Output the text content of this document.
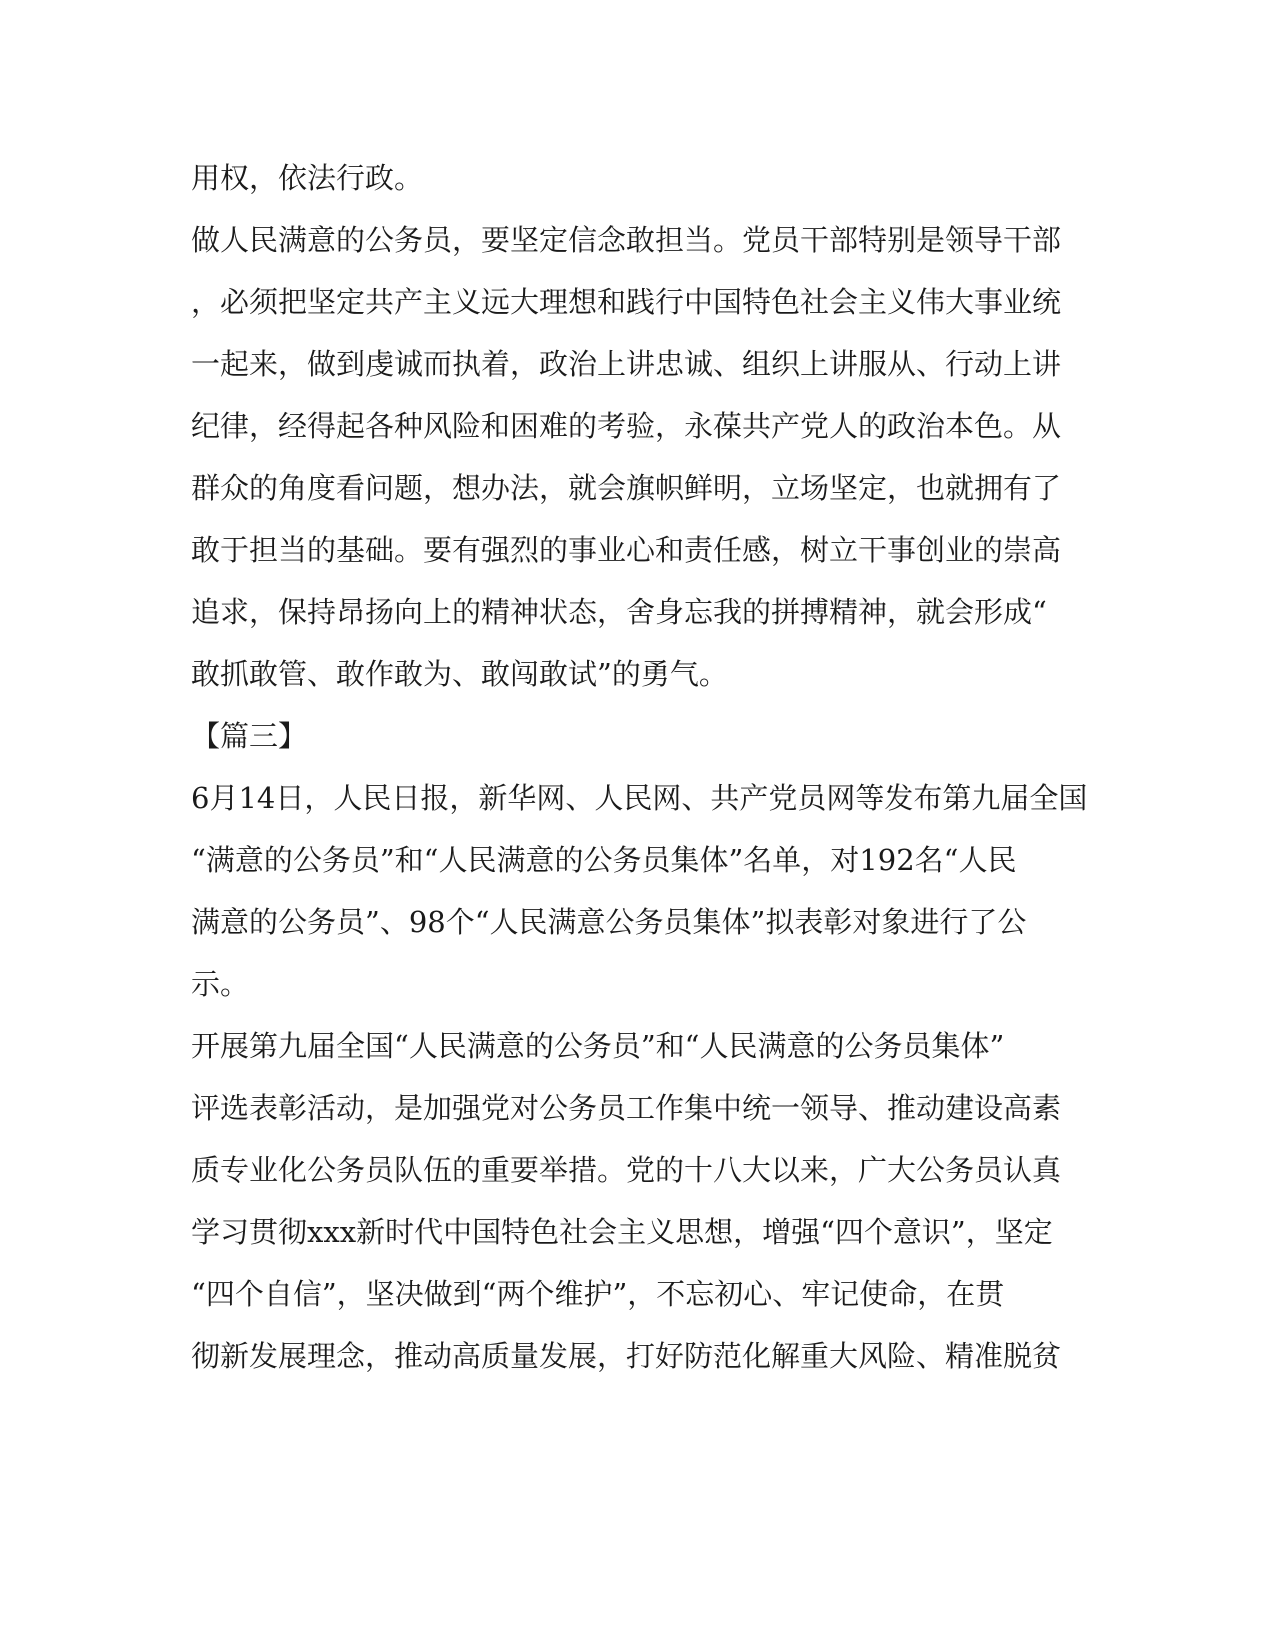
用权，依法行政。
做人民满意的公务员，要坚定信念敢担当。党员干部特别是领导干部
，必须把坚定共产主义远大理想和践行中国特色社会主义伟大事业统
一起来，做到虔诚而执着，政治上讲忠诚、组织上讲服从、行动上讲
纪律，经得起各种风险和困难的考验，永葆共产党人的政治本色。从
群众的角度看问题，想办法，就会旗帜鲜明，立场坚定，也就拥有了
敢于担当的基础。要有强烈的事业心和责任感，树立干事创业的崇高
追求，保持昂扬向上的精神状态，舍身忘我的拼搏精神，就会形成“
敢抓敢管、敢作敢为、敢闯敢试”的勇气。
【篇三】
6月14日，人民日报，新华网、人民网、共产党员网等发布第九届全国
“满意的公务员”和“人民满意的公务员集体”名单，对192名“人民
满意的公务员”、98个“人民满意公务员集体”拟表彰对象进行了公
示。
开展第九届全国“人民满意的公务员”和“人民满意的公务员集体”
评选表彰活动，是加强党对公务员工作集中统一领导、推动建设高素
质专业化公务员队伍的重要举措。党的十八大以来，广大公务员认真
学习贯彻xxx新时代中国特色社会主义思想，增强“四个意识”，坚定
“四个自信”，坚决做到“两个维护”，不忘初心、牢记使命，在贯
彻新发展理念，推动高质量发展，打好防范化解重大风险、精准脱贫
